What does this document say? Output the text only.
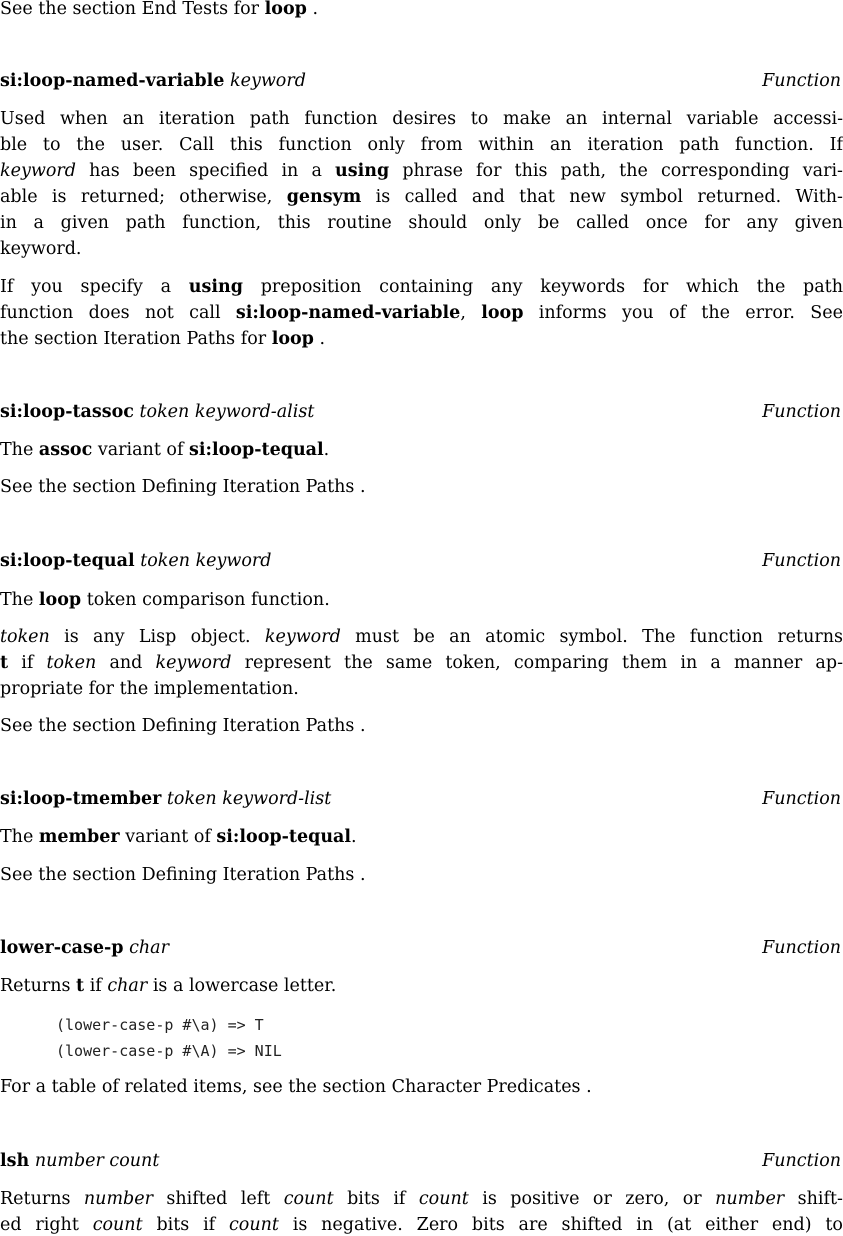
See the section End Tests for loop .
si:loop-named-variable keyword	Function
Used when an iteration path function desires to make an internal variable accessi-
ble to the user. Call this function only from within an iteration path function. If
keyword has been specified in a using phrase for this path, the corresponding vari-
able is returned; otherwise, gensym is called and that new symbol returned. With-
in a given path function, this routine should only be called once for any given
keyword.
If you specify a using preposition containing any keywords for which the path
function does not call si:loop-named-variable, loop informs you of the error. See
the section Iteration Paths for loop .
si:loop-tassoc token keyword-alist	Function
The assoc variant of si:loop-tequal.
See the section Defining Iteration Paths .
si:loop-tequal token keyword	Function
The loop token comparison function.
token is any Lisp object. keyword must be an atomic symbol. The function returns
t if token and keyword represent the same token, comparing them in a manner ap-
propriate for the implementation.
See the section Defining Iteration Paths .
si:loop-tmember token keyword-list	Function
The member variant of si:loop-tequal.
See the section Defining Iteration Paths .
lower-case-p char	Function
Returns t if char is a lowercase letter.
(lower-case-p #\a) => T
(lower-case-p #\A) => NIL
For a table of related items, see the section Character Predicates .
lsh number count	Function
Returns number shifted left count bits if count is positive or zero, or number shift-
ed right count bits if count is negative. Zero bits are shifted in (at either end) to
